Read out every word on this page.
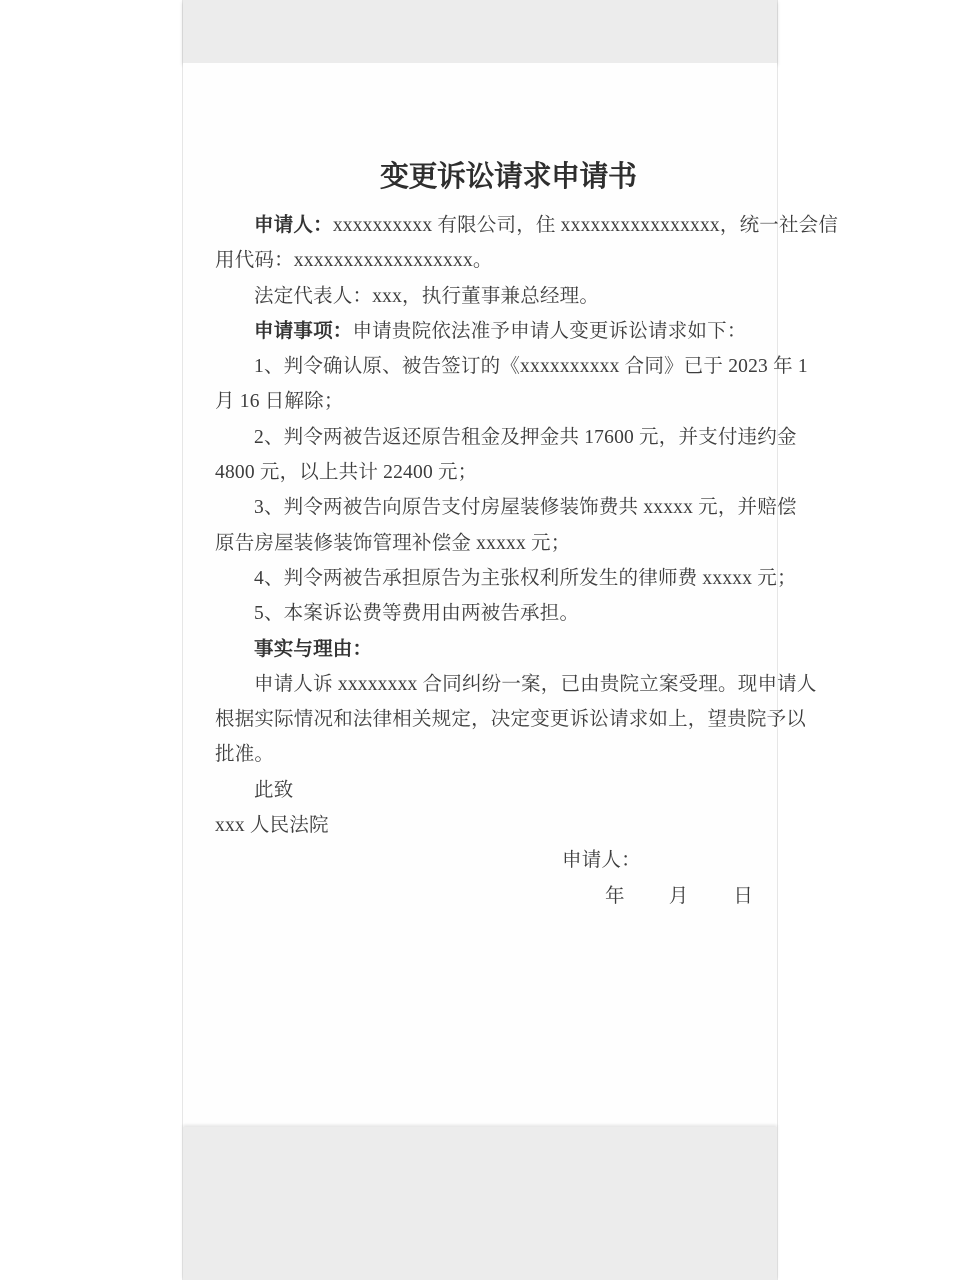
变更诉讼请求申请书
申请人：xxxxxxxxxx 有限公司，住 xxxxxxxxxxxxxxxx，统一社会信
用代码：xxxxxxxxxxxxxxxxxx。
法定代表人：xxx，执行董事兼总经理。
申请事项：申请贵院依法准予申请人变更诉讼请求如下：
1、判令确认原、被告签订的《xxxxxxxxxx 合同》已于 2023 年 1
月 16 日解除；
2、判令两被告返还原告租金及押金共 17600 元，并支付违约金
4800 元，以上共计 22400 元；
3、判令两被告向原告支付房屋装修装饰费共 xxxxx 元，并赔偿
原告房屋装修装饰管理补偿金 xxxxx 元；
4、判令两被告承担原告为主张权利所发生的律师费 xxxxx 元；
5、本案诉讼费等费用由两被告承担。
事实与理由：
申请人诉 xxxxxxxx 合同纠纷一案，已由贵院立案受理。现申请人
根据实际情况和法律相关规定，决定变更诉讼请求如上，望贵院予以
批准。
此致
xxx 人民法院
申请人：
年 月 日
